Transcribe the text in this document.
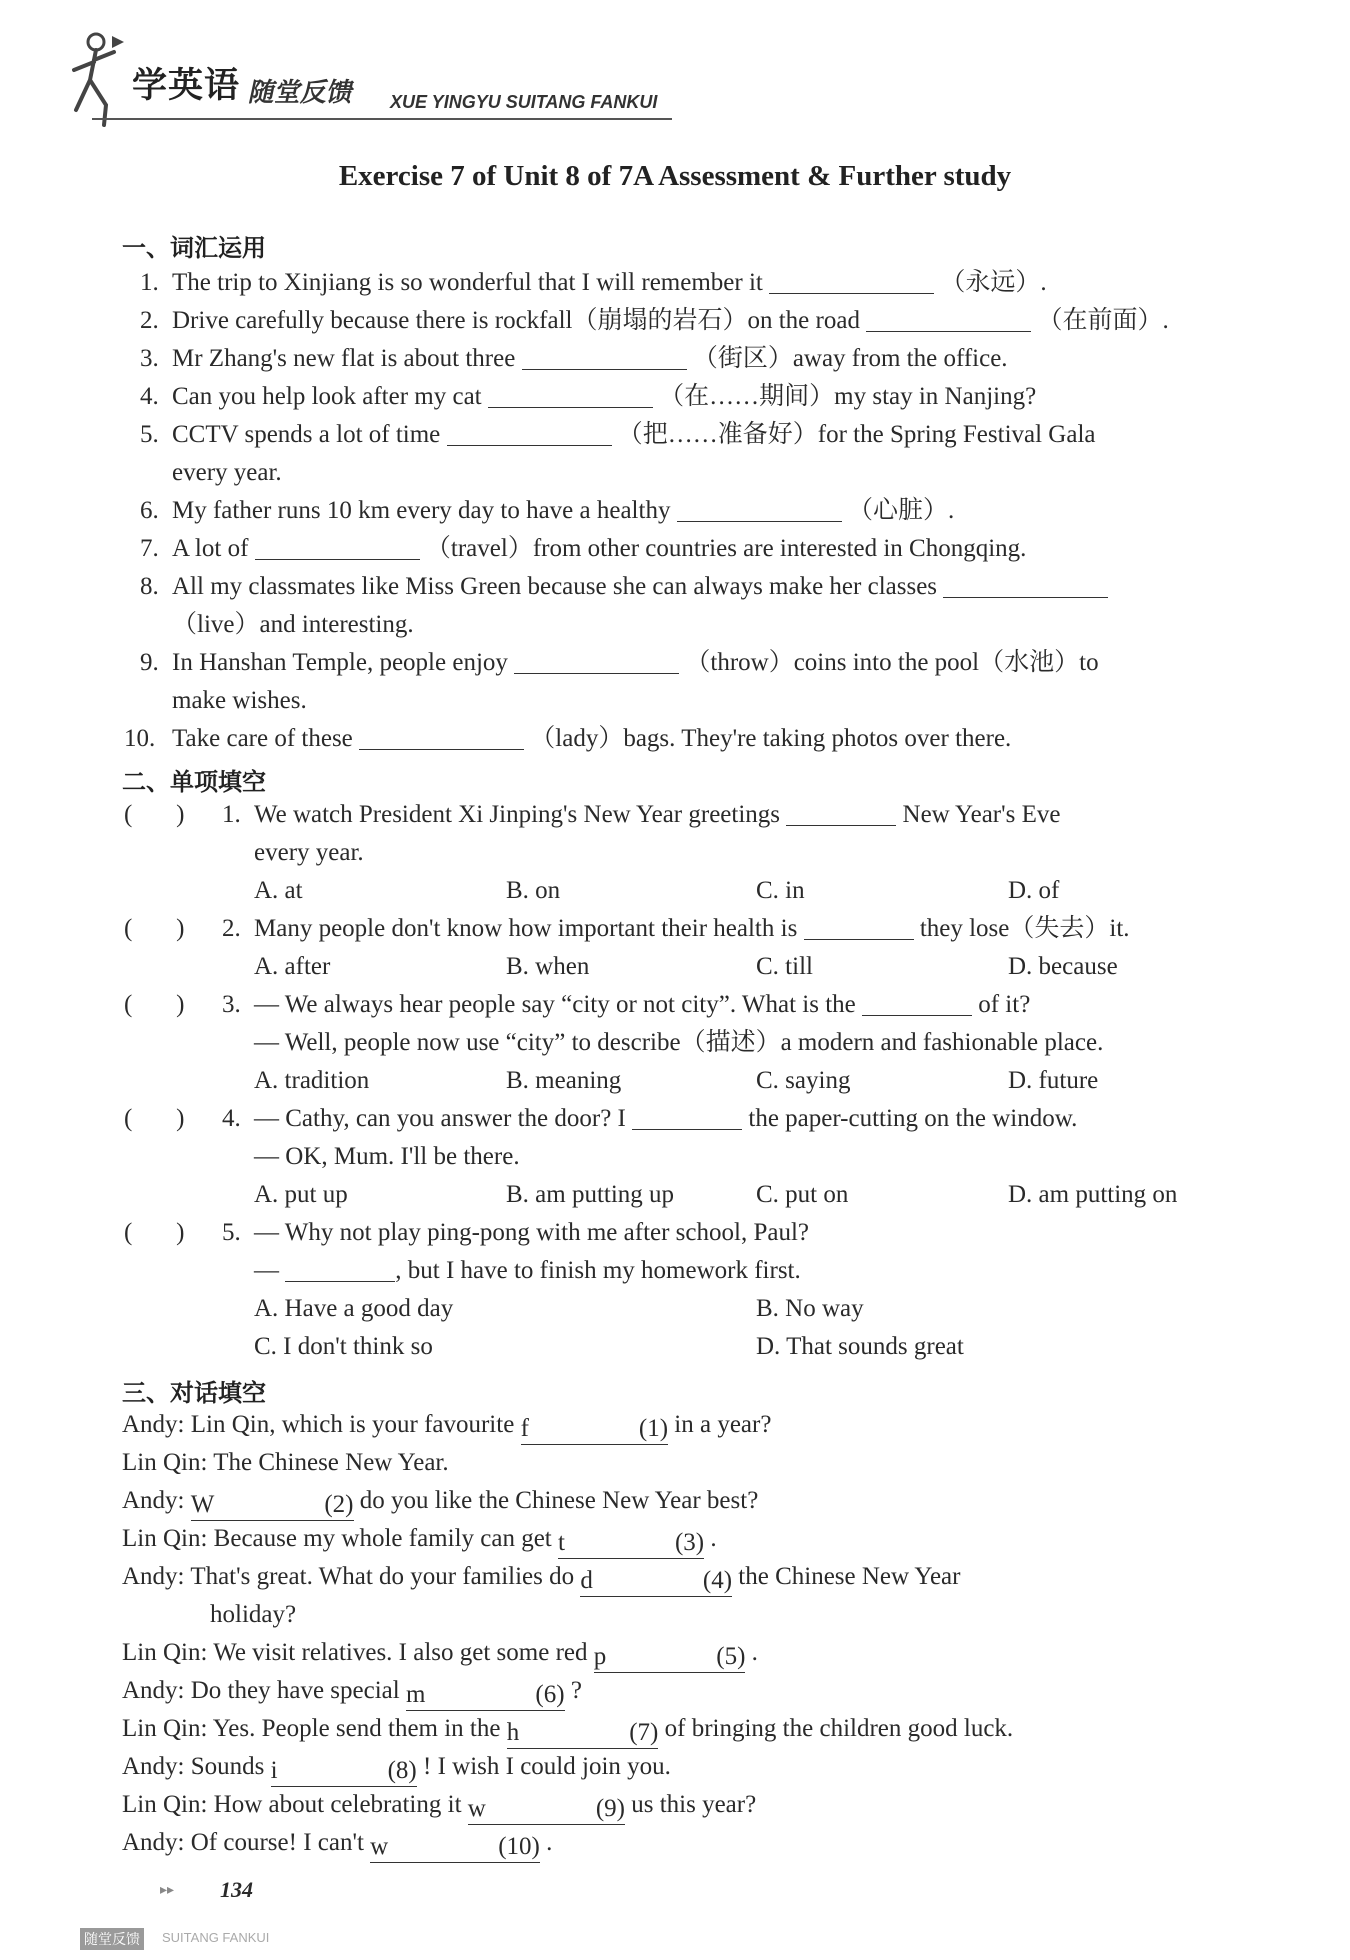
学英语 随堂反馈 XUE YINGYU SUITANG FANKUI
Exercise 7 of Unit 8 of 7A Assessment & Further study
一、词汇运用
1. The trip to Xinjiang is so wonderful that I will remember it	（永远）.
2. Drive carefully because there is rockfall（崩塌的岩石）on the road	（在前面）.
3. Mr Zhang's new flat is about three	（街区）away from the office.
4. Can you help look after my cat	（在……期间）my stay in Nanjing?
5. CCTV spends a lot of time	（把……准备好）for the Spring Festival Gala
every year.
6. My father runs 10 km every day to have a healthy	（心脏）.
7. A lot of	（travel）from other countries are interested in Chongqing.
8. All my classmates like Miss Green because she can always make her classes
（live）and interesting.
9. In Hanshan Temple, people enjoy	（throw）coins into the pool（水池）to
make wishes.
10. Take care of these	（lady）bags. They're taking photos over there.
二、单项填空
(       ) 1. We watch President Xi Jinping's New Year greetings	New Year's Eve
every year.
A. at	B. on	C. in	D. of
(       ) 2. Many people don't know how important their health is	they lose（失去）it.
A. after	B. when	C. till	D. because
(       ) 3. — We always hear people say “city or not city”. What is the	of it?
— Well, people now use “city” to describe（描述）a modern and fashionable place.
A. tradition	B. meaning	C. saying	D. future
(       ) 4. — Cathy, can you answer the door? I	the paper-cutting on the window.
— OK, Mum. I'll be there.
A. put up	B. am putting up	C. put on	D. am putting on
(       ) 5. — Why not play ping-pong with me after school, Paul?
—	, but I have to finish my homework first.
A. Have a good day	B. No way
C. I don't think so	D. That sounds great
三、对话填空
Andy: Lin Qin, which is your favourite f	(1) in a year?
Lin Qin: The Chinese New Year.
Andy: W	(2) do you like the Chinese New Year best?
Lin Qin: Because my whole family can get t	(3) .
Andy: That's great. What do your families do d	(4) the Chinese New Year
holiday?
Lin Qin: We visit relatives. I also get some red p	(5) .
Andy: Do they have special m	(6) ?
Lin Qin: Yes. People send them in the h	(7) of bringing the children good luck.
Andy: Sounds i	(8) ! I wish I could join you.
Lin Qin: How about celebrating it w	(9) us this year?
Andy: Of course! I can't w	(10) .
▸▸ 134
随堂反馈	SUITANG FANKUI
